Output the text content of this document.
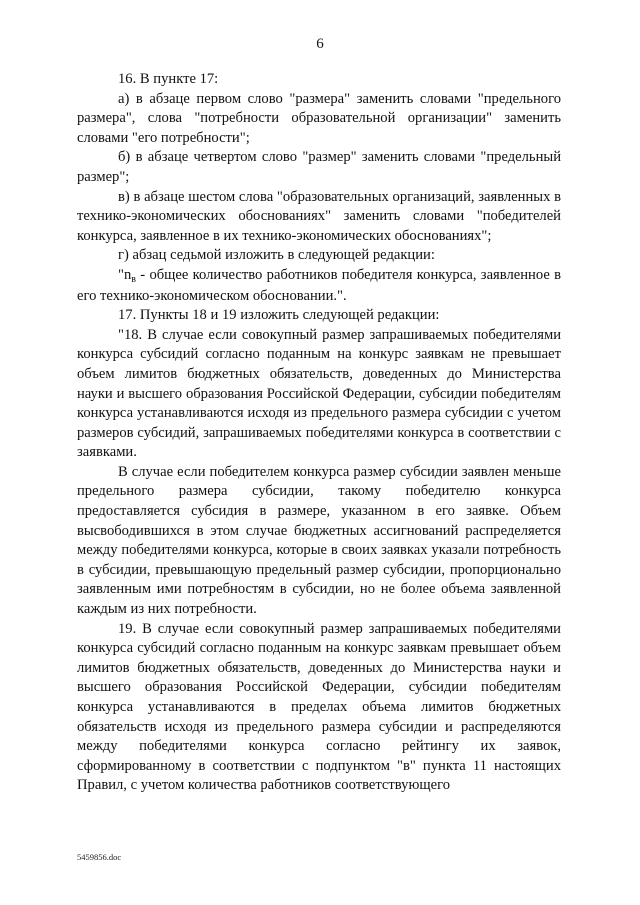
6

16. В пункте 17:

а) в абзаце первом слово "размера" заменить словами "предельного размера", слова "потребности образовательной организации" заменить словами "его потребности";

б) в абзаце четвертом слово "размер" заменить словами "предельный размер";

в) в абзаце шестом слова "образовательных организаций, заявленных в технико-экономических обоснованиях" заменить словами "победителей конкурса, заявленное в их технико-экономических обоснованиях";

г) абзац седьмой изложить в следующей редакции:

"$n_в$ - общее количество работников победителя конкурса, заявленное в его технико-экономическом обосновании.".

17. Пункты 18 и 19 изложить следующей редакции:

"18. В случае если совокупный размер запрашиваемых победителями конкурса субсидий согласно поданным на конкурс заявкам не превышает объем лимитов бюджетных обязательств, доведенных до Министерства науки и высшего образования Российской Федерации, субсидии победителям конкурса устанавливаются исходя из предельного размера субсидии с учетом размеров субсидий, запрашиваемых победителями конкурса в соответствии с заявками.

В случае если победителем конкурса размер субсидии заявлен меньше предельного размера субсидии, такому победителю конкурса предоставляется субсидия в размере, указанном в его заявке. Объем высвободившихся в этом случае бюджетных ассигнований распределяется между победителями конкурса, которые в своих заявках указали потребность в субсидии, превышающую предельный размер субсидии, пропорционально заявленным ими потребностям в субсидии, но не более объема заявленной каждым из них потребности.

19. В случае если совокупный размер запрашиваемых победителями конкурса субсидий согласно поданным на конкурс заявкам превышает объем лимитов бюджетных обязательств, доведенных до Министерства науки и высшего образования Российской Федерации, субсидии победителям конкурса устанавливаются в пределах объема лимитов бюджетных обязательств исходя из предельного размера субсидии и распределяются между победителями конкурса согласно рейтингу их заявок, сформированному в соответствии с подпунктом "в" пункта 11 настоящих Правил, с учетом количества работников соответствующего

5459856.doc
